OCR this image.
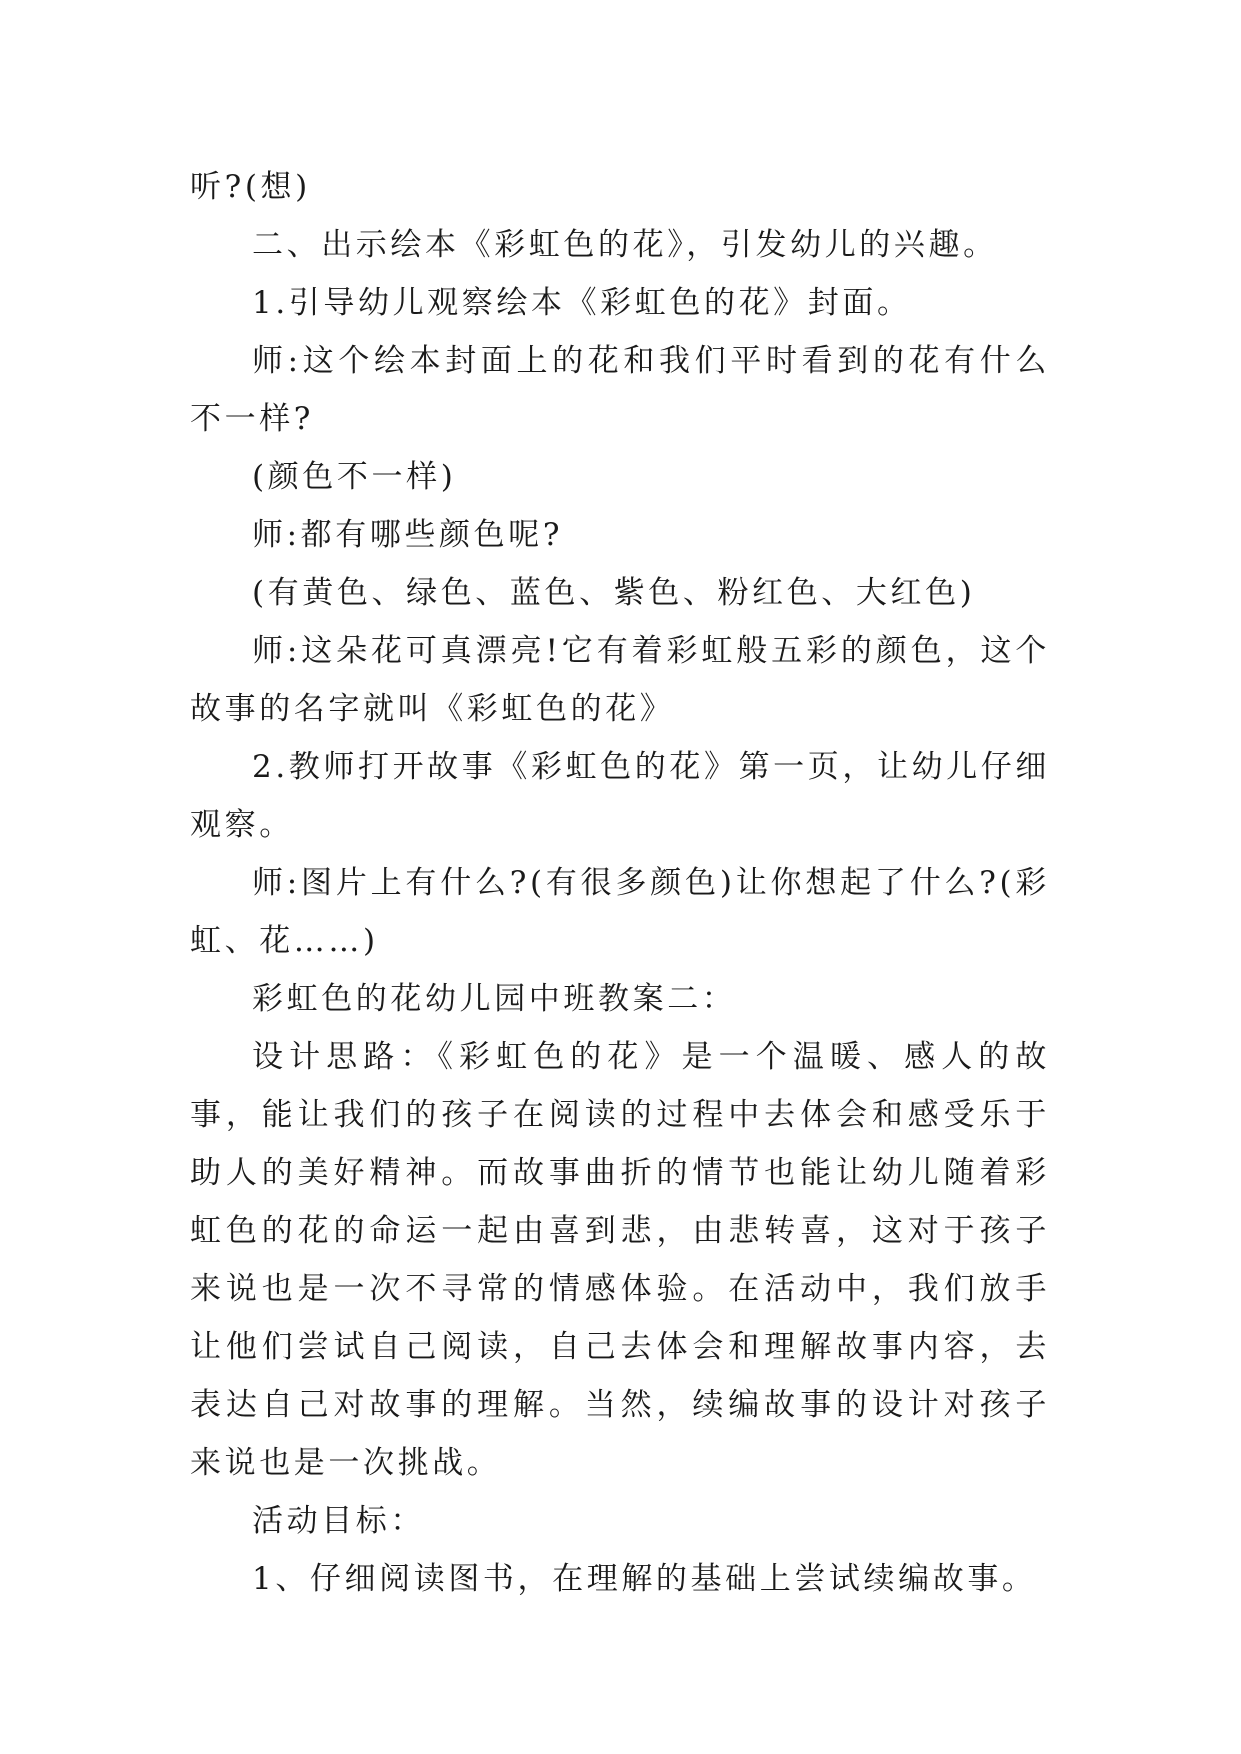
听?(想)

二、出示绘本《彩虹色的花》，引发幼儿的兴趣。

1.引导幼儿观察绘本《彩虹色的花》封面。

师:这个绘本封面上的花和我们平时看到的花有什么不一样?

(颜色不一样)

师:都有哪些颜色呢?

(有黄色、绿色、蓝色、紫色、粉红色、大红色)

师:这朵花可真漂亮!它有着彩虹般五彩的颜色，这个故事的名字就叫《彩虹色的花》

2.教师打开故事《彩虹色的花》第一页，让幼儿仔细观察。

师:图片上有什么?(有很多颜色)让你想起了什么?(彩虹、花……)

彩虹色的花幼儿园中班教案二：

设计思路：《彩虹色的花》是一个温暖、感人的故事，能让我们的孩子在阅读的过程中去体会和感受乐于助人的美好精神。而故事曲折的情节也能让幼儿随着彩虹色的花的命运一起由喜到悲，由悲转喜，这对于孩子来说也是一次不寻常的情感体验。在活动中，我们放手让他们尝试自己阅读，自己去体会和理解故事内容，去表达自己对故事的理解。当然，续编故事的设计对孩子来说也是一次挑战。

活动目标：

1、仔细阅读图书，在理解的基础上尝试续编故事。
